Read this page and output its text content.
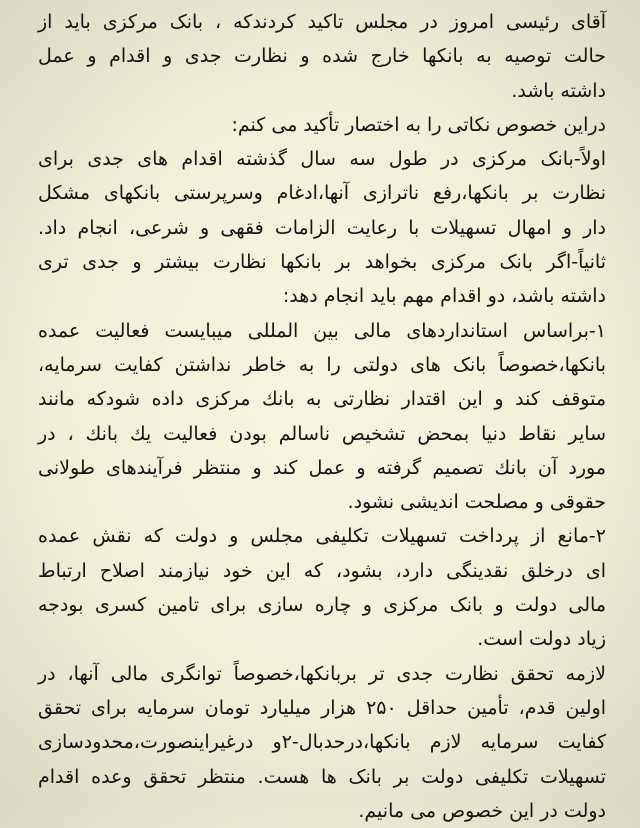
آقای رئیسی امروز در مجلس تاکید کردندکه ، بانک مرکزی باید از
حالت توصیه به بانکها خارج شده و نظارت جدی و اقدام و عمل
داشته باشد.
دراین خصوص نکاتی را به اختصار تأکید می کنم:
اولاً-بانک مرکزی در طول سه سال گذشته اقدام های جدی برای
نظارت بر بانکها،رفع ناترازی آنها،ادغام وسرپرستی بانکهای مشکل
دار و امهال تسهیلات با رعایت الزامات فقهی و شرعی، انجام داد.
ثانیاً-اگر بانک مرکزی بخواهد بر بانکها نظارت بیشتر و جدی تری
داشته باشد، دو اقدام مهم باید انجام دهد:
۱-براساس استانداردهای مالی بین المللی میبایست فعالیت عمده
بانکها،خصوصاً بانک های دولتی را به خاطر نداشتن کفایت سرمایه،
متوقف کند و این اقتدار نظارتی به بانك مرکزی داده شودکه مانند
سایر نقاط دنیا بمحض تشخیص ناسالم بودن فعالیت يك بانك ، در
مورد آن بانك تصمیم گرفته و عمل کند و منتظر فرآیندهای طولانی
حقوقی و مصلحت اندیشی نشود.
۲-مانع از پرداخت تسهیلات تکلیفی مجلس و دولت که نقش عمده
ای درخلق نقدینگی دارد، بشود، که این خود نیازمند اصلاح ارتباط
مالی دولت و بانک مرکزی و چاره سازی برای تامین کسری بودجه
زیاد دولت است.
لازمه تحقق نظارت جدی تر بربانکها،خصوصاً توانگری مالی آنها، در
اولین قدم، تأمین حداقل ۲۵۰ هزار میلیارد تومان سرمایه برای تحقق
کفایت سرمایه لازم بانکها،درحدبال-۲و درغیراینصورت،محدودسازی
تسهیلات تکلیفی دولت بر بانک ها هست. منتظر تحقق وعده اقدام
دولت در این خصوص می مانیم.
